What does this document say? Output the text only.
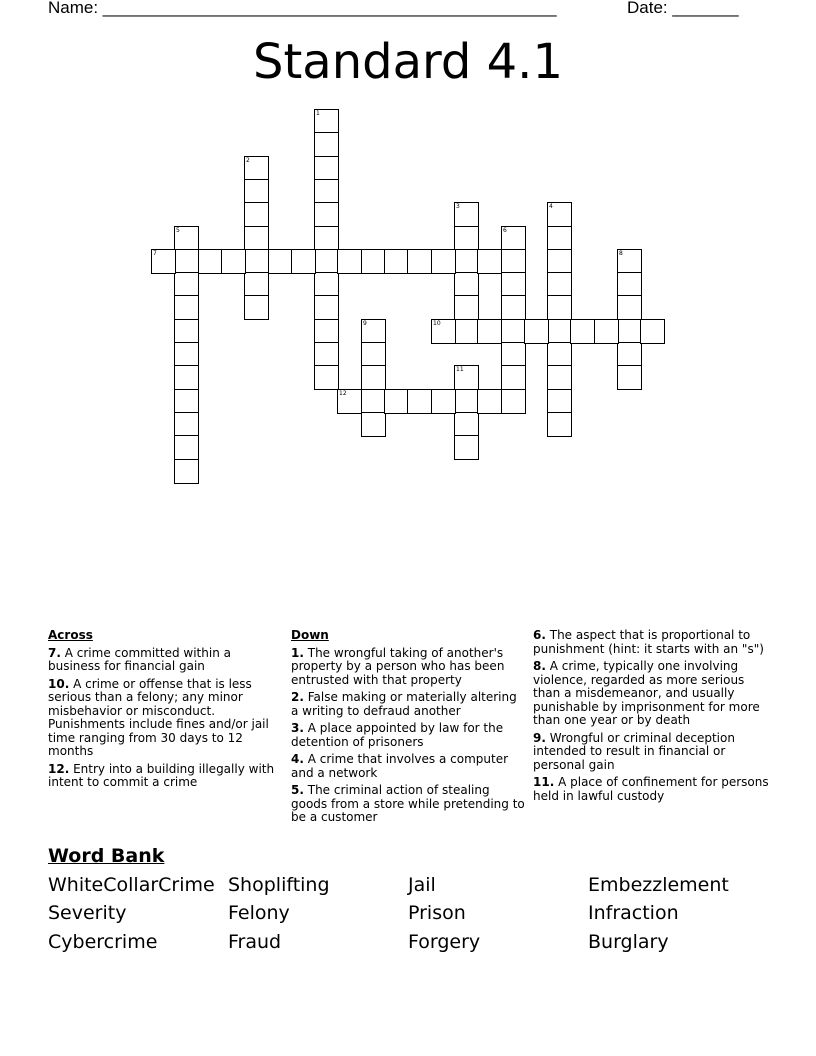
Name: ________________________________________________	Date: _______
Standard 4.1
1
2
3	4
5	6
7	8
9	10
11
12
Across
7. A crime committed within a business for financial gain
10. A crime or offense that is less serious than a felony; any minor misbehavior or misconduct. Punishments include fines and/or jail time ranging from 30 days to 12 months
12. Entry into a building illegally with intent to commit a crime
Down
1. The wrongful taking of another's property by a person who has been entrusted with that property
2. False making or materially altering a writing to defraud another
3. A place appointed by law for the detention of prisoners
4. A crime that involves a computer and a network
5. The criminal action of stealing goods from a store while pretending to be a customer
6. The aspect that is proportional to punishment (hint: it starts with an "s")
8. A crime, typically one involving violence, regarded as more serious than a misdemeanor, and usually punishable by imprisonment for more than one year or by death
9. Wrongful or criminal deception intended to result in financial or personal gain
11. A place of confinement for persons held in lawful custody
Word Bank
WhiteCollarCrime Shoplifting	Jail	Embezzlement
Severity	Felony	Prison	Infraction
Cybercrime	Fraud	Forgery	Burglary
